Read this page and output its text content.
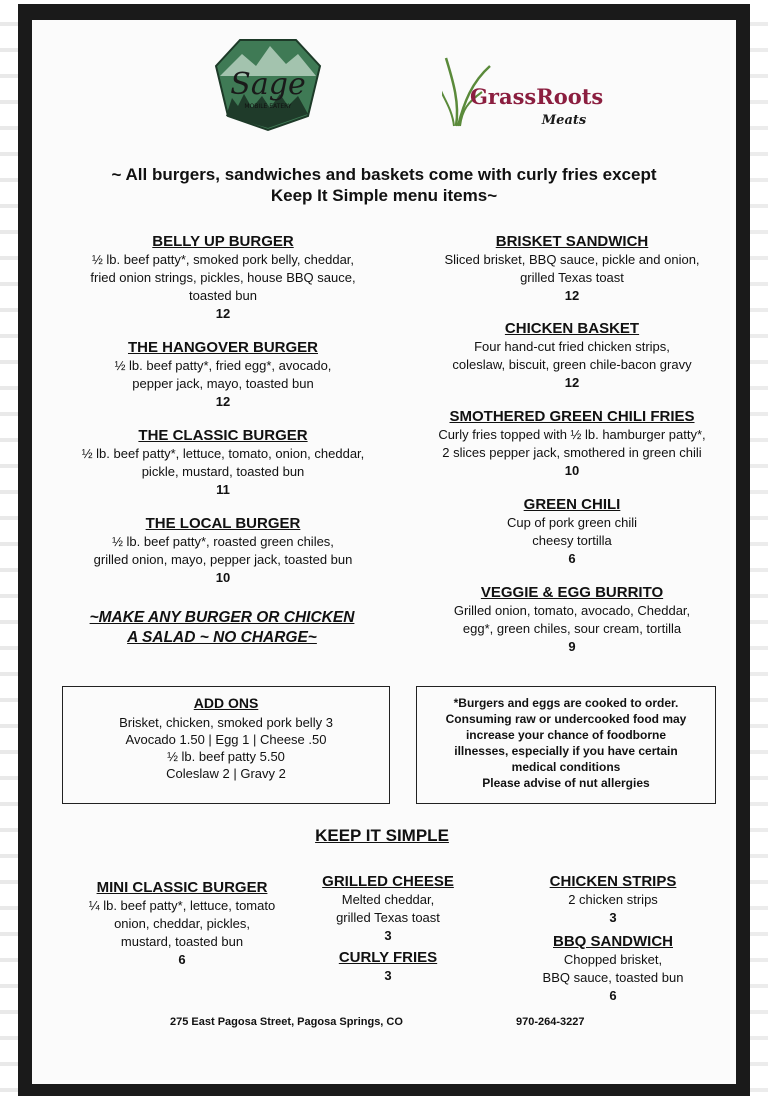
Sage
MOBILE EATERY	GrassRoots
Meats
~ All burgers, sandwiches and baskets come with curly fries except
Keep It Simple menu items~
BELLY UP BURGER
½ lb. beef patty*, smoked pork belly, cheddar,
fried onion strings, pickles, house BBQ sauce,
toasted bun
12
THE HANGOVER BURGER
½ lb. beef patty*, fried egg*, avocado,
pepper jack, mayo, toasted bun
12
THE CLASSIC BURGER
½ lb. beef patty*, lettuce, tomato, onion, cheddar,
pickle, mustard, toasted bun
11
THE LOCAL BURGER
½ lb. beef patty*, roasted green chiles,
grilled onion, mayo, pepper jack, toasted bun
10
~MAKE ANY BURGER OR CHICKEN
A SALAD ~ NO CHARGE~
BRISKET SANDWICH
Sliced brisket, BBQ sauce, pickle and onion,
grilled Texas toast
12
CHICKEN BASKET
Four hand-cut fried chicken strips,
coleslaw, biscuit, green chile-bacon gravy
12
SMOTHERED GREEN CHILI FRIES
Curly fries topped with ½ lb. hamburger patty*,
2 slices pepper jack, smothered in green chili
10
GREEN CHILI
Cup of pork green chili
cheesy tortilla
6
VEGGIE & EGG BURRITO
Grilled onion, tomato, avocado, Cheddar,
egg*, green chiles, sour cream, tortilla
9
ADD ONS
Brisket, chicken, smoked pork belly 3
Avocado 1.50 | Egg 1 | Cheese .50
½ lb. beef patty 5.50
Coleslaw 2 | Gravy 2
*Burgers and eggs are cooked to order.
Consuming raw or undercooked food may
increase your chance of foodborne
illnesses, especially if you have certain
medical conditions
Please advise of nut allergies
KEEP IT SIMPLE
MINI CLASSIC BURGER
¼ lb. beef patty*, lettuce, tomato
onion, cheddar, pickles,
mustard, toasted bun
6
GRILLED CHEESE
Melted cheddar,
grilled Texas toast
3
CURLY FRIES
3
CHICKEN STRIPS
2 chicken strips
3
BBQ SANDWICH
Chopped brisket,
BBQ sauce, toasted bun
6
275 East Pagosa Street, Pagosa Springs, CO	970-264-3227
